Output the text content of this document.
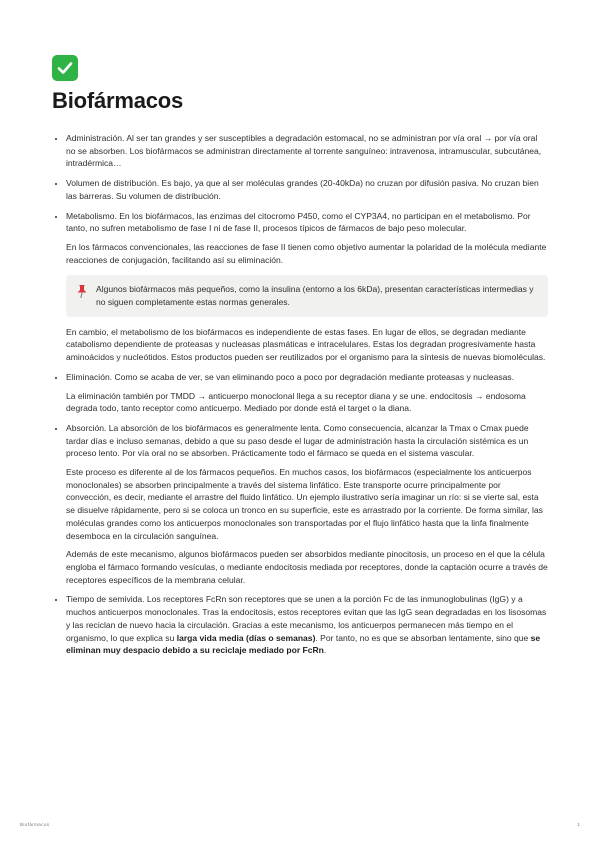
Biofármacos

• Administración. Al ser tan grandes y ser susceptibles a degradación estomacal, no se administran por vía oral → por vía oral no se absorben. Los biofármacos se administran directamente al torrente sanguíneo: intravenosa, intramuscular, subcutánea, intradérmica…

• Volumen de distribución. Es bajo, ya que al ser moléculas grandes (20-40kDa) no cruzan por difusión pasiva. No cruzan bien las barreras. Su volumen de distribución.

• Metabolismo. En los biofármacos, las enzimas del citocromo P450, como el CYP3A4, no participan en el metabolismo. Por tanto, no sufren metabolismo de fase I ni de fase II, procesos típicos de fármacos de bajo peso molecular.

En los fármacos convencionales, las reacciones de fase II tienen como objetivo aumentar la polaridad de la molécula mediante reacciones de conjugación, facilitando así su eliminación.

Algunos biofármacos más pequeños, como la insulina (entorno a los 6kDa), presentan características intermedias y no siguen completamente estas normas generales.

En cambio, el metabolismo de los biofármacos es independiente de estas fases. En lugar de ellos, se degradan mediante catabolismo dependiente de proteasas y nucleasas plasmáticas e intracelulares. Estas los degradan progresivamente hasta aminoácidos y nucleótidos. Estos productos pueden ser reutilizados por el organismo para la síntesis de nuevas biomoléculas.

• Eliminación. Como se acaba de ver, se van eliminando poco a poco por degradación mediante proteasas y nucleasas.

La eliminación también por TMDD → anticuerpo monoclonal llega a su receptor diana y se une. endocitosis → endosoma degrada todo, tanto receptor como anticuerpo. Mediado por donde está el target o la diana.

• Absorción. La absorción de los biofármacos es generalmente lenta. Como consecuencia, alcanzar la Tmax o Cmax puede tardar días e incluso semanas, debido a que su paso desde el lugar de administración hasta la circulación sistémica es un proceso lento. Por vía oral no se absorben. Prácticamente todo el fármaco se queda en el sistema vascular.

Este proceso es diferente al de los fármacos pequeños. En muchos casos, los biofármacos (especialmente los anticuerpos monoclonales) se absorben principalmente a través del sistema linfático. Este transporte ocurre principalmente por convección, es decir, mediante el arrastre del fluido linfático. Un ejemplo ilustrativo sería imaginar un río: si se vierte sal, esta se disuelve rápidamente, pero si se coloca un tronco en su superficie, este es arrastrado por la corriente. De forma similar, las moléculas grandes como los anticuerpos monoclonales son transportadas por el flujo linfático hasta que la linfa finalmente desemboca en la circulación sanguínea.

Además de este mecanismo, algunos biofármacos pueden ser absorbidos mediante pinocitosis, un proceso en el que la célula engloba el fármaco formando vesículas, o mediante endocitosis mediada por receptores, donde la captación ocurre a través de receptores específicos de la membrana celular.

• Tiempo de semivida. Los receptores FcRn son receptores que se unen a la porción Fc de las inmunoglobulinas (IgG) y a muchos anticuerpos monoclonales. Tras la endocitosis, estos receptores evitan que las IgG sean degradadas en los lisosomas y las reciclan de nuevo hacia la circulación. Gracias a este mecanismo, los anticuerpos permanecen más tiempo en el organismo, lo que explica su larga vida media (días o semanas). Por tanto, no es que se absorban lentamente, sino que se eliminan muy despacio debido a su reciclaje mediado por FcRn.

Biofármacos	1
